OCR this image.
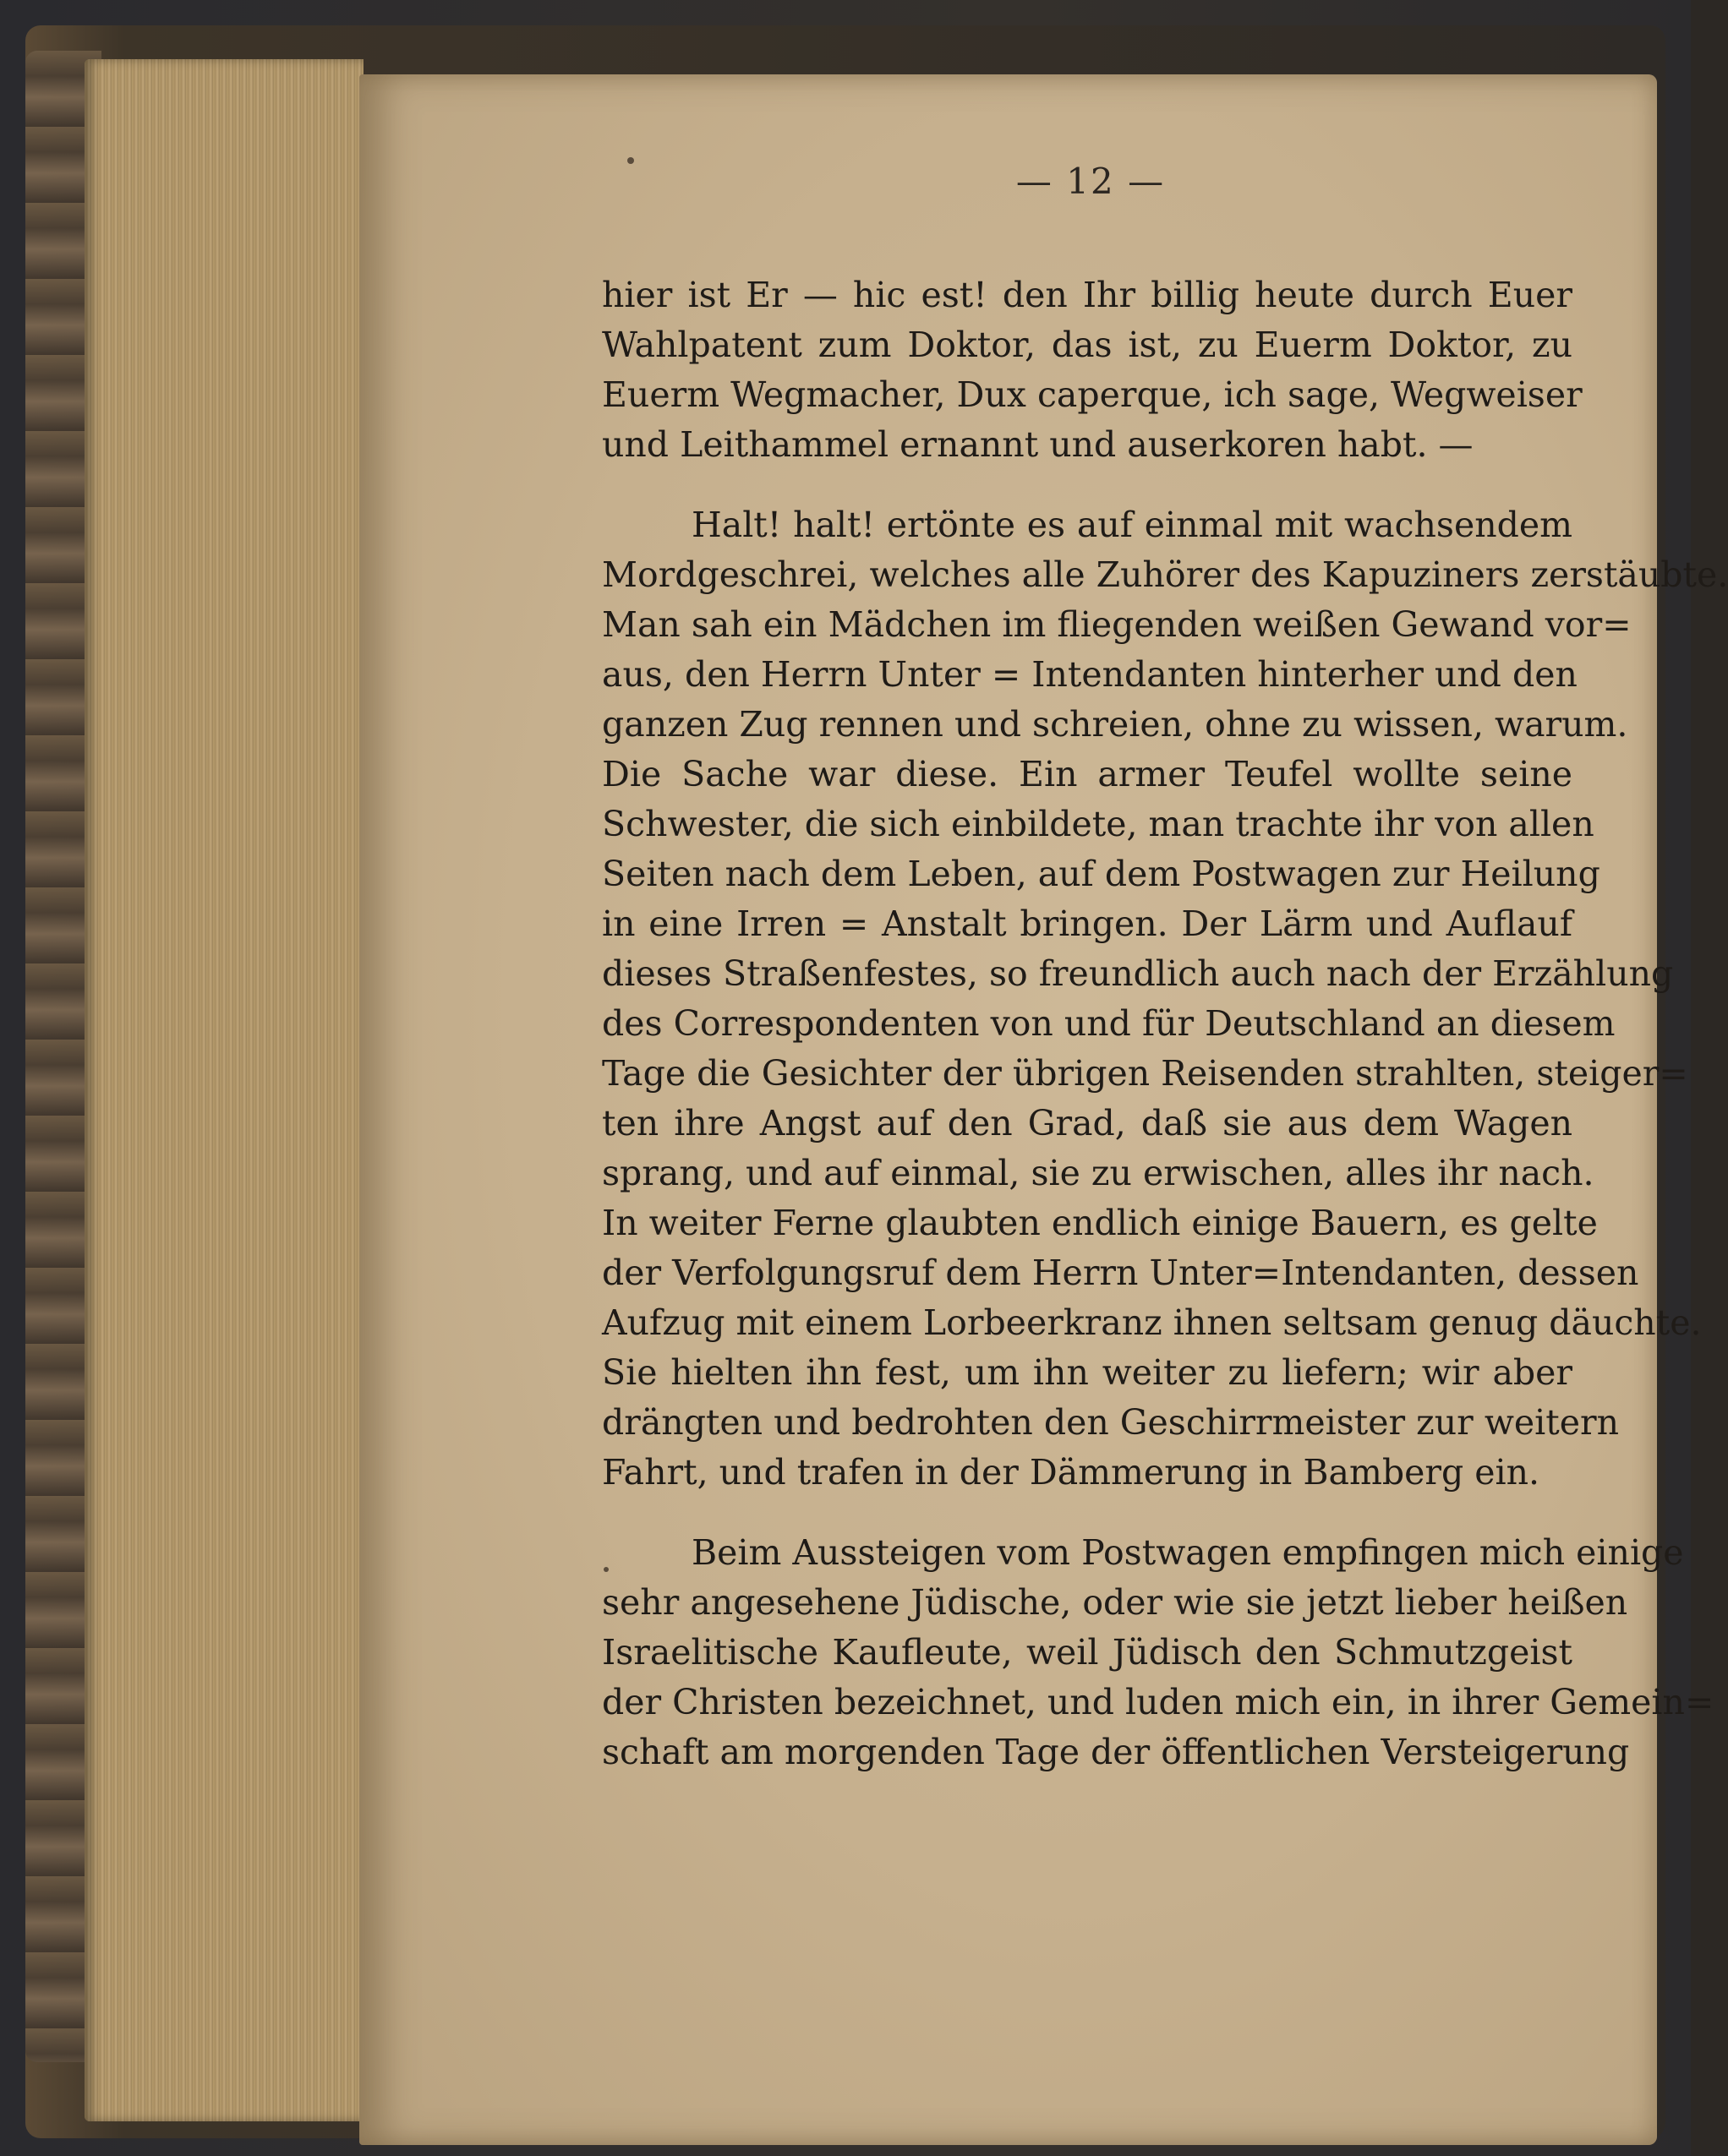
— 12 —
hier ist Er — hic est! den Ihr billig heute durch Euer
Wahlpatent zum Doktor, das ist, zu Euerm Doktor, zu
Euerm Wegmacher, Dux caperque, ich sage, Wegweiser
und Leithammel ernannt und auserkoren habt. —
Halt! halt! ertönte es auf einmal mit wachsendem
Mordgeschrei, welches alle Zuhörer des Kapuziners zerstäubte.
Man sah ein Mädchen im fliegenden weißen Gewand vor=
aus, den Herrn Unter = Intendanten hinterher und den
ganzen Zug rennen und schreien, ohne zu wissen, warum.
Die Sache war diese. Ein armer Teufel wollte seine
Schwester, die sich einbildete, man trachte ihr von allen
Seiten nach dem Leben, auf dem Postwagen zur Heilung
in eine Irren = Anstalt bringen. Der Lärm und Auflauf
dieses Straßenfestes, so freundlich auch nach der Erzählung
des Correspondenten von und für Deutschland an diesem
Tage die Gesichter der übrigen Reisenden strahlten, steiger=
ten ihre Angst auf den Grad, daß sie aus dem Wagen
sprang, und auf einmal, sie zu erwischen, alles ihr nach.
In weiter Ferne glaubten endlich einige Bauern, es gelte
der Verfolgungsruf dem Herrn Unter=Intendanten, dessen
Aufzug mit einem Lorbeerkranz ihnen seltsam genug däuchte.
Sie hielten ihn fest, um ihn weiter zu liefern; wir aber
drängten und bedrohten den Geschirrmeister zur weitern
Fahrt, und trafen in der Dämmerung in Bamberg ein.
Beim Aussteigen vom Postwagen empfingen mich einige
sehr angesehene Jüdische, oder wie sie jetzt lieber heißen
Israelitische Kaufleute, weil Jüdisch den Schmutzgeist
der Christen bezeichnet, und luden mich ein, in ihrer Gemein=
schaft am morgenden Tage der öffentlichen Versteigerung
